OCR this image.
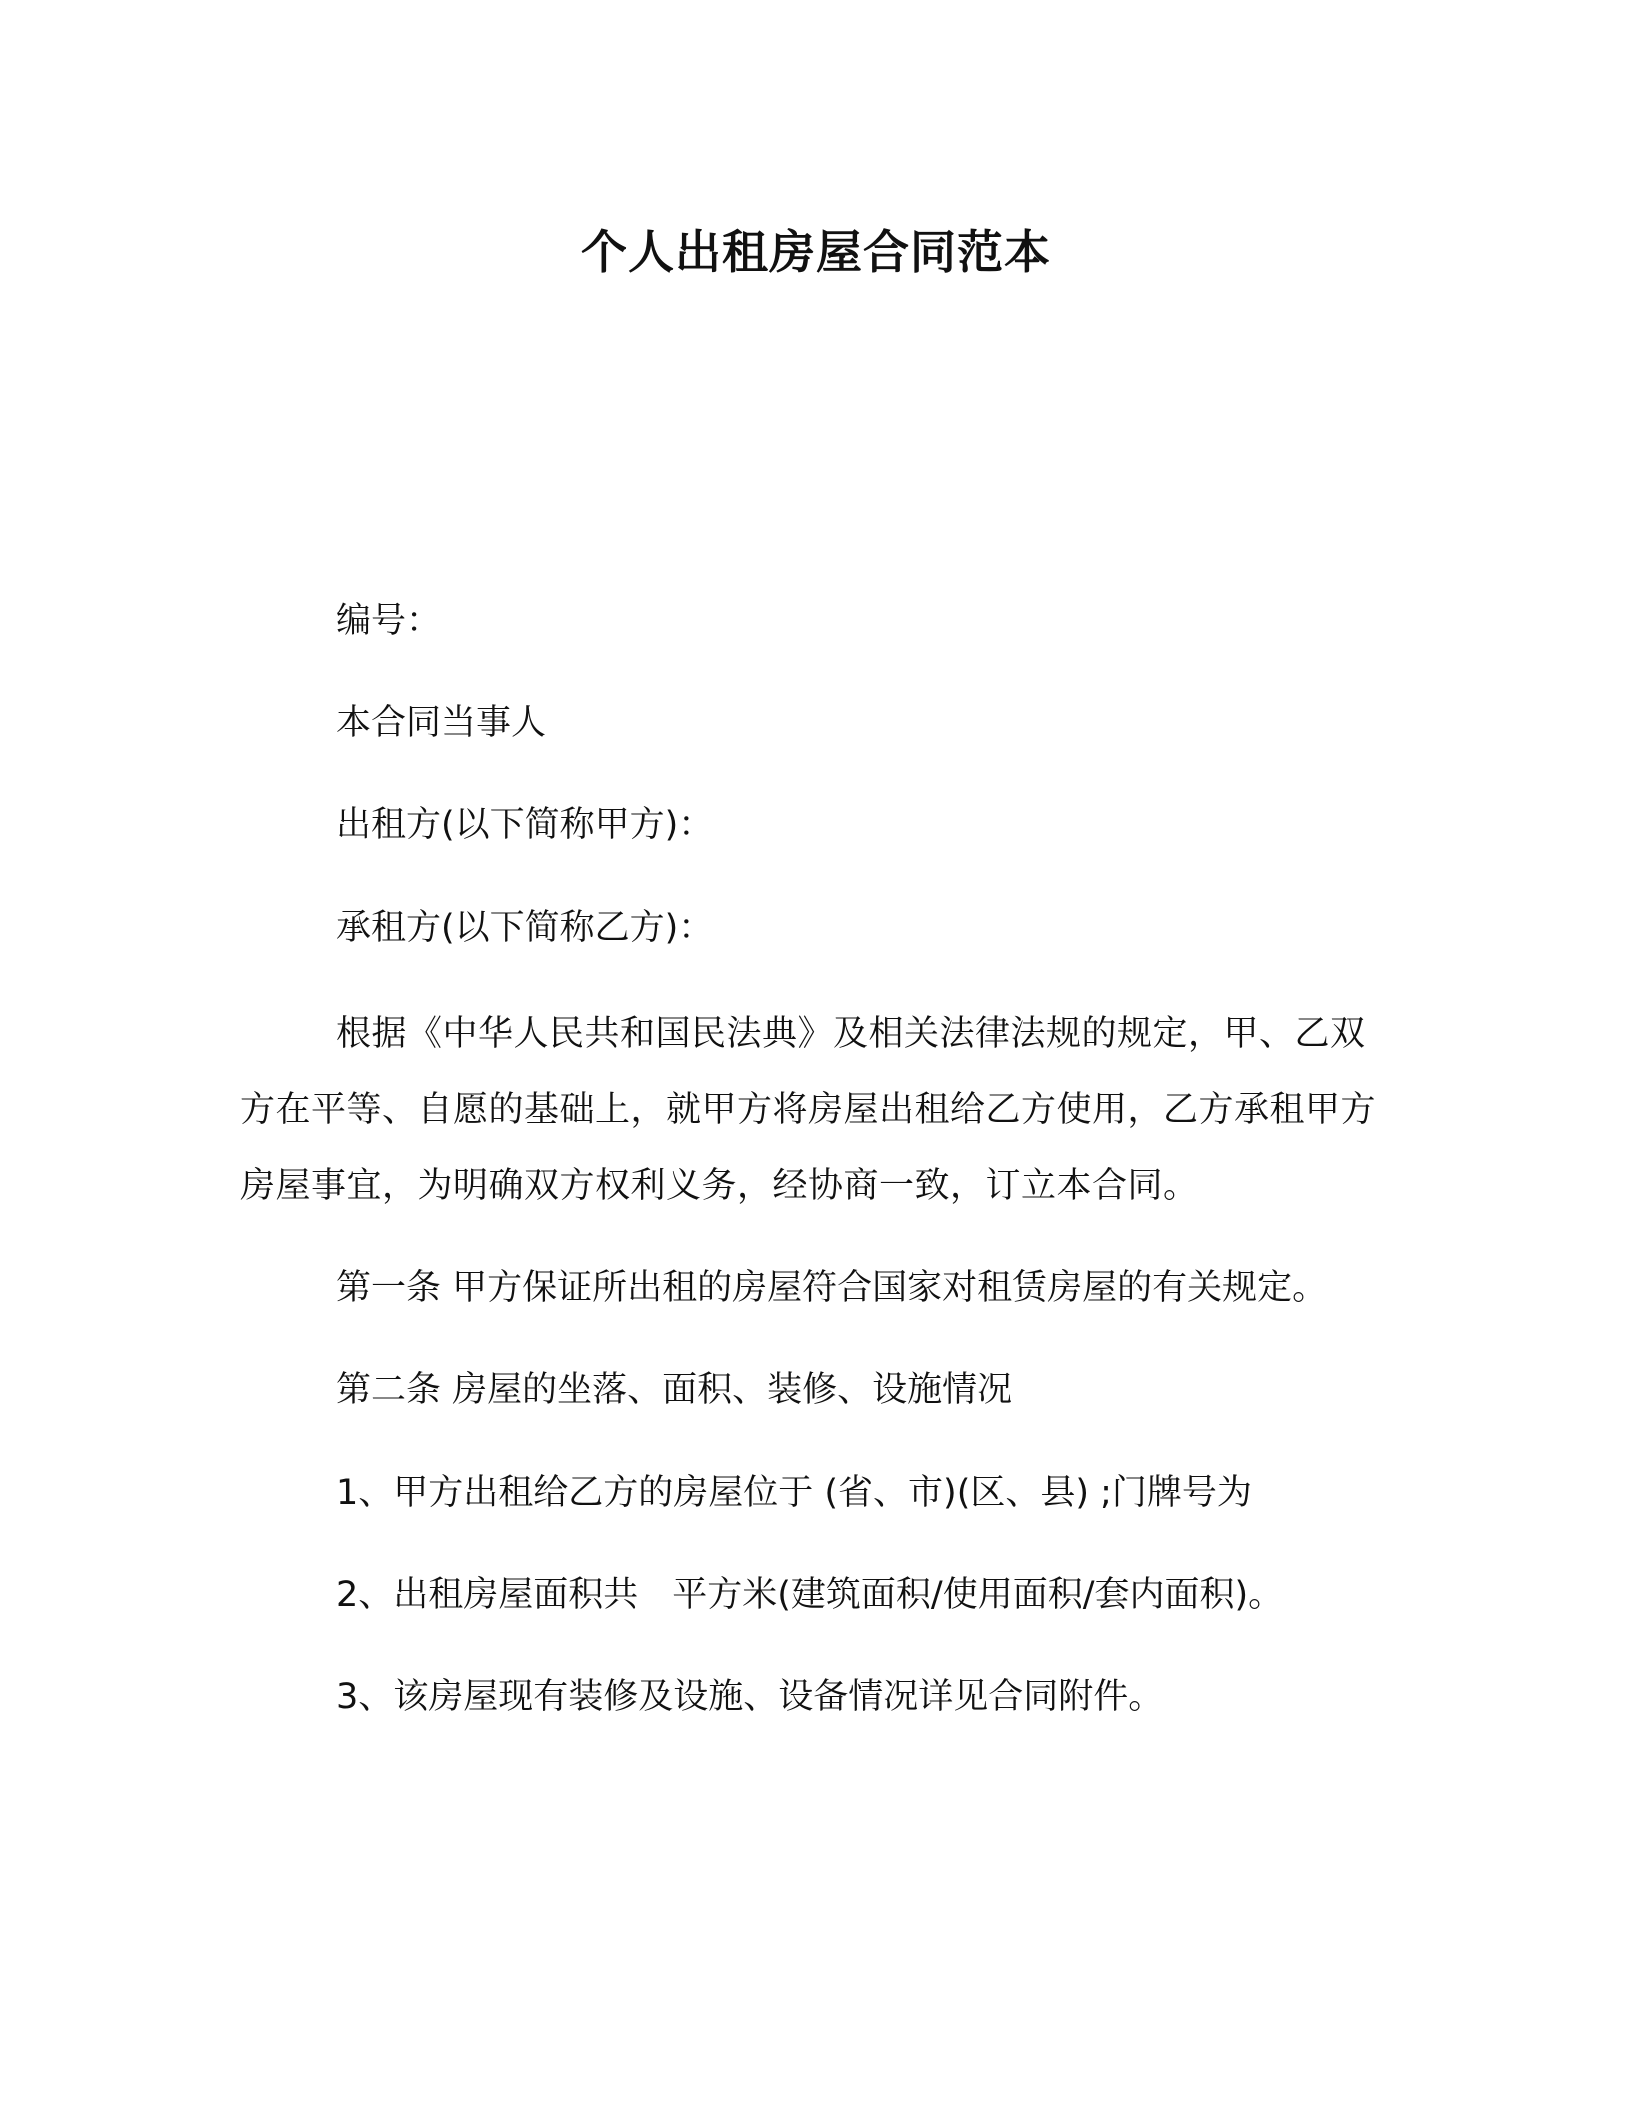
个人出租房屋合同范本

编号：

本合同当事人

出租方(以下简称甲方)：

承租方(以下简称乙方)：

根据《中华人民共和国民法典》及相关法律法规的规定，甲、乙双方在平等、自愿的基础上，就甲方将房屋出租给乙方使用，乙方承租甲方房屋事宜，为明确双方权利义务，经协商一致，订立本合同。

第一条 甲方保证所出租的房屋符合国家对租赁房屋的有关规定。

第二条 房屋的坐落、面积、装修、设施情况

1、甲方出租给乙方的房屋位于 (省、市)(区、县) ;门牌号为

2、出租房屋面积共 平方米(建筑面积/使用面积/套内面积)。

3、该房屋现有装修及设施、设备情况详见合同附件。
